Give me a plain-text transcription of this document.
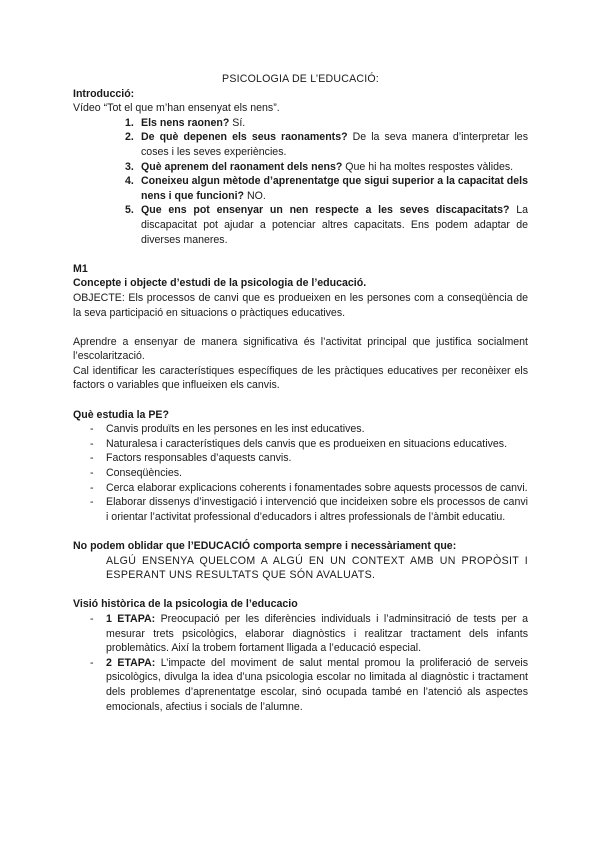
PSICOLOGIA DE L’EDUCACIÓ:

Introducció:

Vídeo “Tot el que m’han ensenyat els nens”.

1. Els nens raonen? Sí.
2. De què depenen els seus raonaments? De la seva manera d’interpretar les coses i les seves experiències.
3. Què aprenem del raonament dels nens? Que hi ha moltes respostes vàlides.
4. Coneixeu algun mètode d’aprenentatge que sigui superior a la capacitat dels nens i que funcioni? NO.
5. Que ens pot ensenyar un nen respecte a les seves discapacitats? La discapacitat pot ajudar a potenciar altres capacitats. Ens podem adaptar de diverses maneres.

M1

Concepte i objecte d’estudi de la psicologia de l’educació.

OBJECTE: Els processos de canvi que es produeixen en les persones com a conseqüència de la seva participació en situacions o pràctiques educatives.

Aprendre a ensenyar de manera significativa és l’activitat principal que justifica socialment l’escolarització.

Cal identificar les característiques específiques de les pràctiques educatives per reconèixer els factors o variables que influeixen els canvis.

Què estudia la PE?

- Canvis produïts en les persones en les inst educatives.
- Naturalesa i característiques dels canvis que es produeixen en situacions educatives.
- Factors responsables d’aquests canvis.
- Conseqüències.
- Cerca elaborar explicacions coherents i fonamentades sobre aquests processos de canvi.
- Elaborar dissenys d’investigació i intervenció que incideixen sobre els processos de canvi i orientar l’activitat professional d’educadors i altres professionals de l’àmbit educatiu.

No podem oblidar que l’EDUCACIÓ comporta sempre i necessàriament que:

ALGÚ ENSENYA QUELCOM A ALGÚ EN UN CONTEXT AMB UN PROPÒSIT I ESPERANT UNS RESULTATS QUE SÓN AVALUATS.

Visió històrica de la psicologia de l’educacio

- 1 ETAPA: Preocupació per les diferències individuals i l’adminsitració de tests per a mesurar trets psicològics, elaborar diagnòstics i realitzar tractament dels infants problemàtics. Així la trobem fortament lligada a l’educació especial.
- 2 ETAPA: L’impacte del moviment de salut mental promou la proliferació de serveis psicològics, divulga la idea d’una psicologia escolar no limitada al diagnòstic i tractament dels problemes d’aprenentatge escolar, sinó ocupada també en l’atenció als aspectes emocionals, afectius i socials de l’alumne.
